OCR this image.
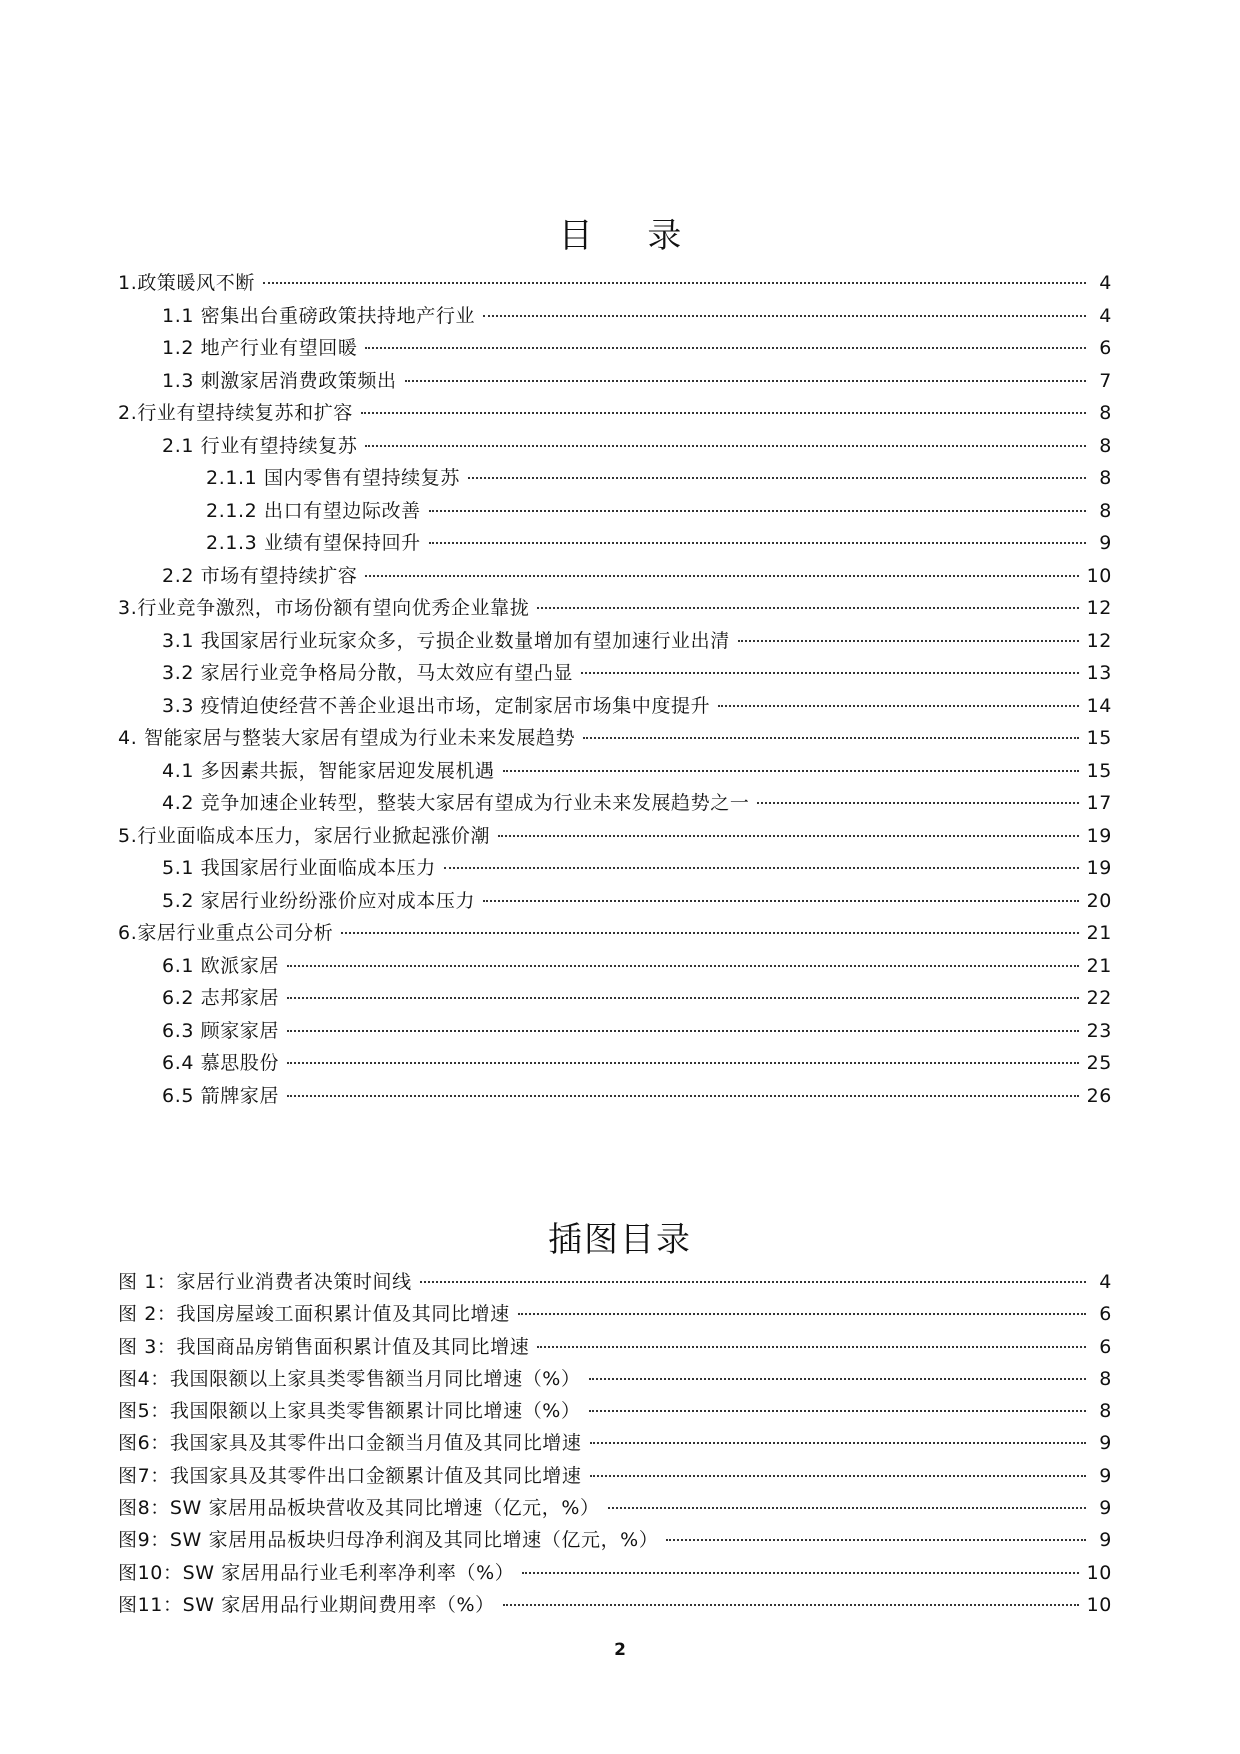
目 录
1.政策暖风不断	4
1.1 密集出台重磅政策扶持地产行业	4
1.2 地产行业有望回暖	6
1.3 刺激家居消费政策频出	7
2.行业有望持续复苏和扩容	8
2.1 行业有望持续复苏	8
2.1.1 国内零售有望持续复苏	8
2.1.2 出口有望边际改善	8
2.1.3 业绩有望保持回升	9
2.2 市场有望持续扩容	10
3.行业竞争激烈，市场份额有望向优秀企业靠拢	12
3.1 我国家居行业玩家众多，亏损企业数量增加有望加速行业出清	12
3.2 家居行业竞争格局分散，马太效应有望凸显	13
3.3 疫情迫使经营不善企业退出市场，定制家居市场集中度提升	14
4. 智能家居与整装大家居有望成为行业未来发展趋势	15
4.1 多因素共振，智能家居迎发展机遇	15
4.2 竞争加速企业转型，整装大家居有望成为行业未来发展趋势之一	17
5.行业面临成本压力，家居行业掀起涨价潮	19
5.1 我国家居行业面临成本压力	19
5.2 家居行业纷纷涨价应对成本压力	20
6.家居行业重点公司分析	21
6.1 欧派家居	21
6.2 志邦家居	22
6.3 顾家家居	23
6.4 慕思股份	25
6.5 箭牌家居	26
插图目录
图 1：家居行业消费者决策时间线	4
图 2：我国房屋竣工面积累计值及其同比增速	6
图 3：我国商品房销售面积累计值及其同比增速	6
图4：我国限额以上家具类零售额当月同比增速（%）	8
图5：我国限额以上家具类零售额累计同比增速（%）	8
图6：我国家具及其零件出口金额当月值及其同比增速	9
图7：我国家具及其零件出口金额累计值及其同比增速	9
图8：SW 家居用品板块营收及其同比增速（亿元，%）	9
图9：SW 家居用品板块归母净利润及其同比增速（亿元，%）	9
图10：SW 家居用品行业毛利率净利率（%）	10
图11：SW 家居用品行业期间费用率（%）	10
2
